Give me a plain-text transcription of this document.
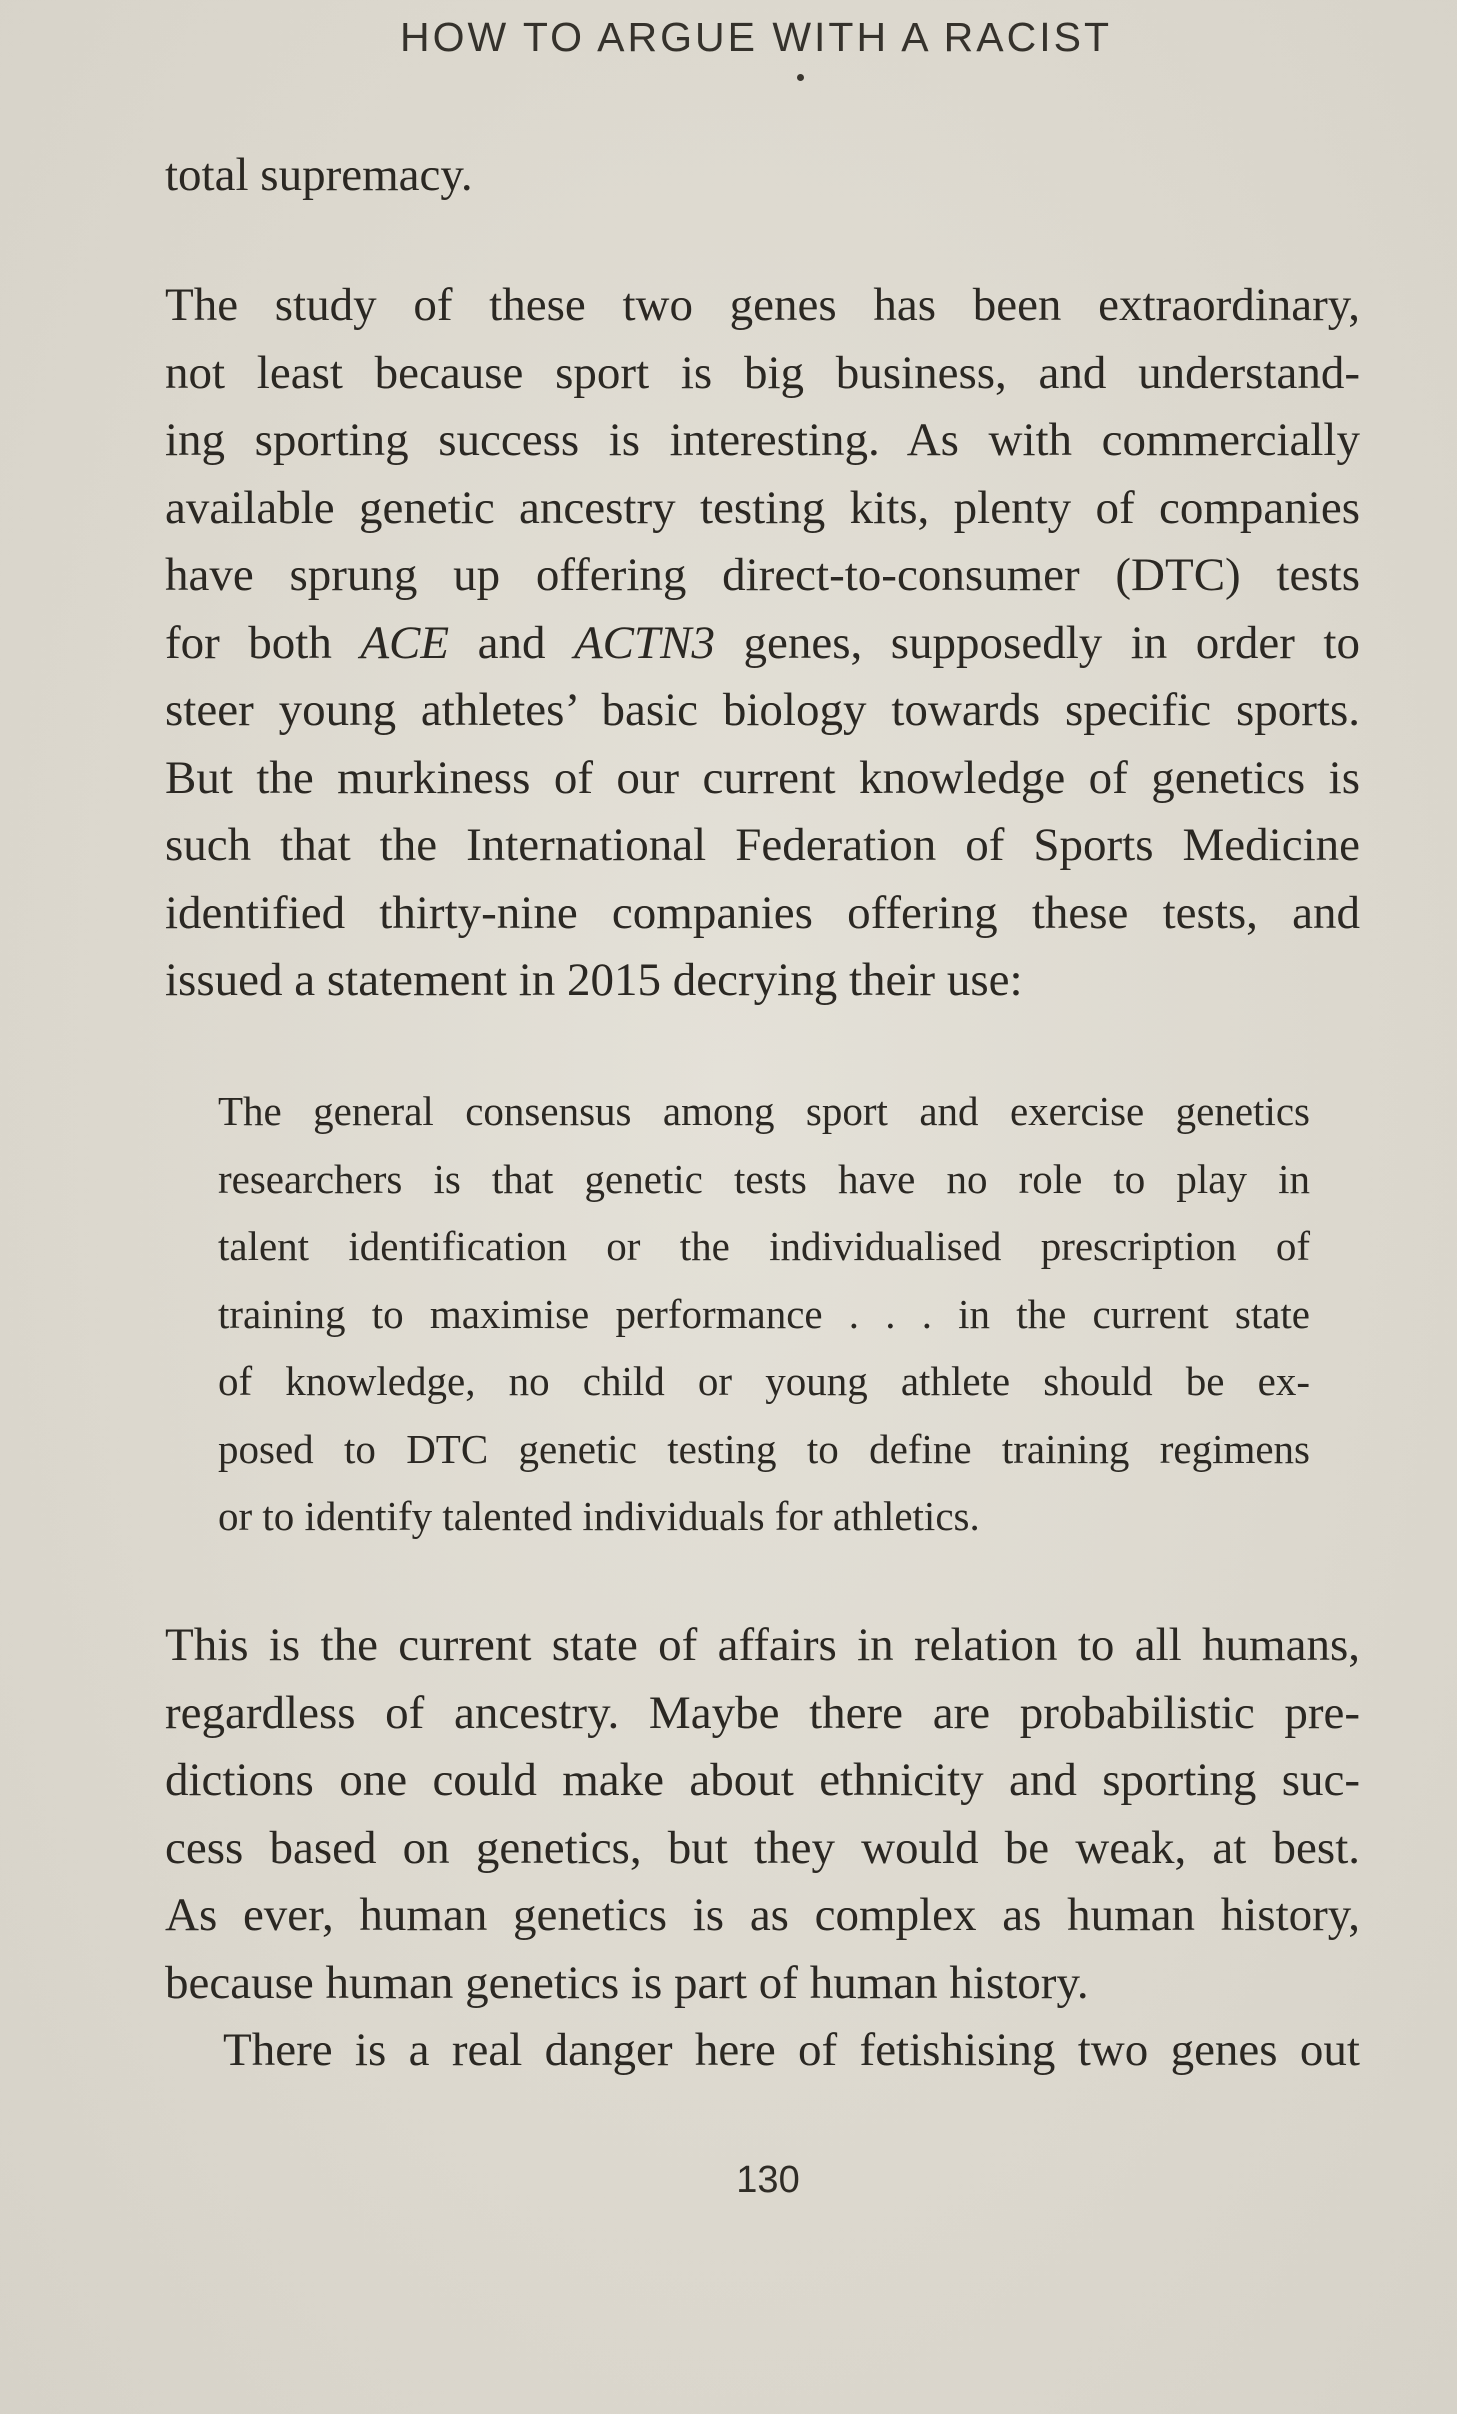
HOW TO ARGUE WITH A RACIST
total supremacy.
The study of these two genes has been extraordinary,
not least because sport is big business, and understand-
ing sporting success is interesting. As with commercially
available genetic ancestry testing kits, plenty of companies
have sprung up offering direct-to-consumer (DTC) tests
for both ACE and ACTN3 genes, supposedly in order to
steer young athletes’ basic biology towards specific sports.
But the murkiness of our current knowledge of genetics is
such that the International Federation of Sports Medicine
identified thirty-nine companies offering these tests, and
issued a statement in 2015 decrying their use:
The general consensus among sport and exercise genetics
researchers is that genetic tests have no role to play in
talent identification or the individualised prescription of
training to maximise performance . . . in the current state
of knowledge, no child or young athlete should be ex-
posed to DTC genetic testing to define training regimens
or to identify talented individuals for athletics.
This is the current state of affairs in relation to all humans,
regardless of ancestry. Maybe there are probabilistic pre-
dictions one could make about ethnicity and sporting suc-
cess based on genetics, but they would be weak, at best.
As ever, human genetics is as complex as human history,
because human genetics is part of human history.
There is a real danger here of fetishising two genes out
130
